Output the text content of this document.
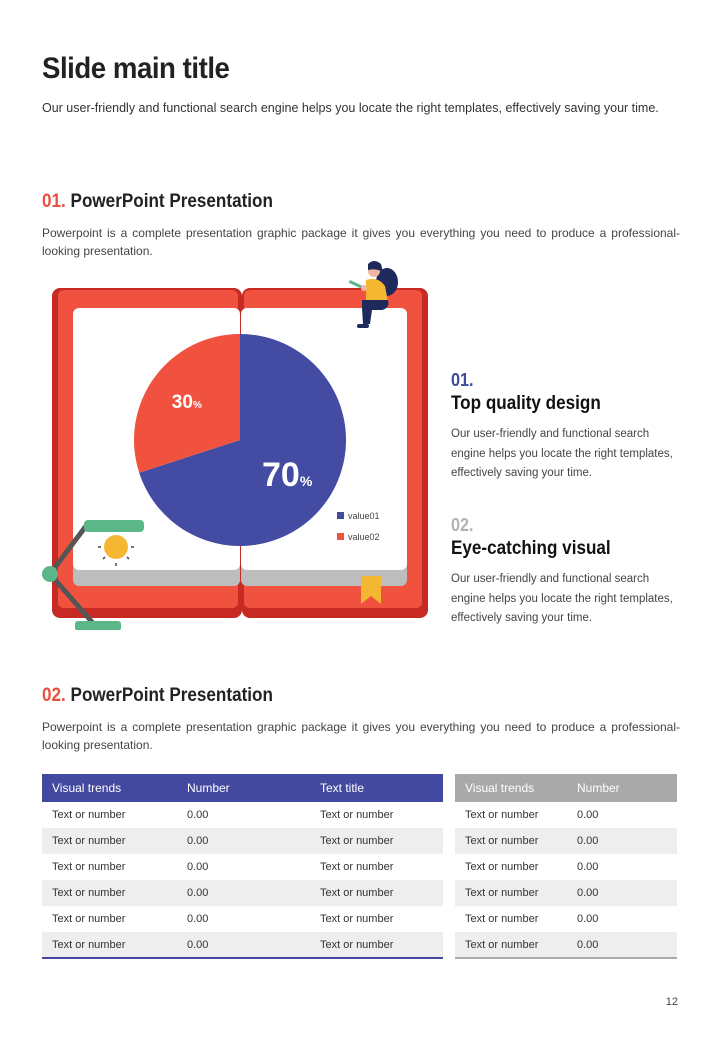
Slide main title
Our user-friendly and functional search engine helps you locate the right templates, effectively saving your time.
01. PowerPoint Presentation
Powerpoint is a complete presentation graphic package it gives you everything you need to produce a professional-looking presentation.
70%
30%
value01
value02
01.
Top quality design
Our user-friendly and functional search engine helps you locate the right templates, effectively saving your time.
02.
Eye-catching visual
Our user-friendly and functional search engine helps you locate the right templates, effectively saving your time.
02. PowerPoint Presentation
Powerpoint is a complete presentation graphic package it gives you everything you need to produce a professional-looking presentation.
Visual trends	Number	Text title
Text or number	0.00	Text or number
Text or number	0.00	Text or number
Text or number	0.00	Text or number
Text or number	0.00	Text or number
Text or number	0.00	Text or number
Text or number	0.00	Text or number
Visual trends	Number
Text or number	0.00
Text or number	0.00
Text or number	0.00
Text or number	0.00
Text or number	0.00
Text or number	0.00
12
